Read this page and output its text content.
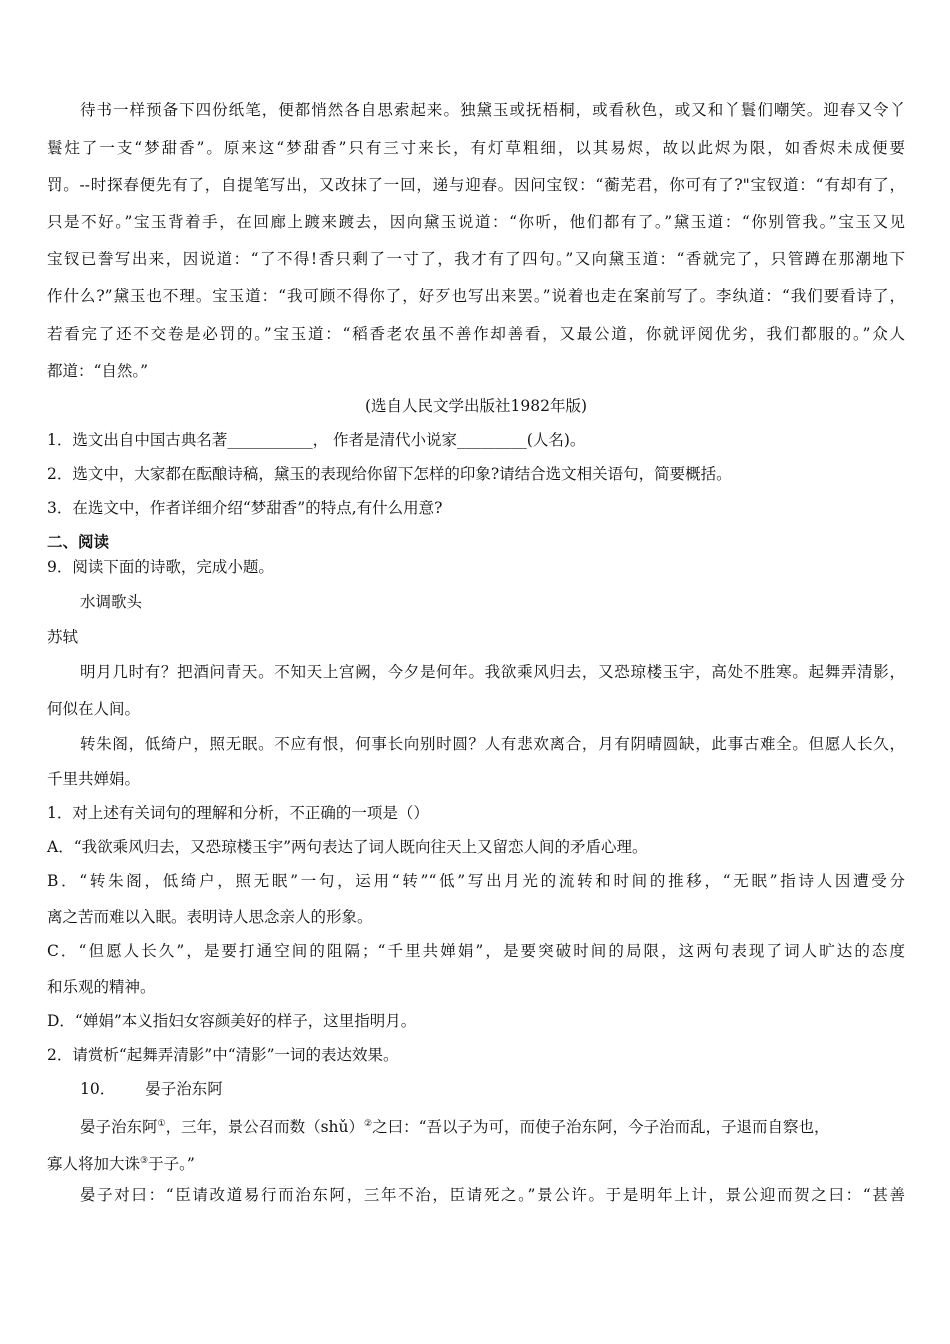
待书一样预备下四份纸笔，便都悄然各自思索起来。独黛玉或抚梧桐，或看秋色，或又和丫鬟们嘲笑。迎春又令丫
鬟炷了一支“梦甜香”。原来这“梦甜香”只有三寸来长，有灯草粗细，以其易烬，故以此烬为限，如香烬未成便要
罚。--时探春便先有了，自提笔写出，又改抹了一回，递与迎春。因问宝钗：“蘅芜君，你可有了?"宝钗道：“有却有了，
只是不好。”宝玉背着手，在回廊上踱来踱去，因向黛玉说道：“你听，他们都有了。”黛玉道：“你别管我。”宝玉又见
宝钗已誊写出来，因说道：“了不得!香只剩了一寸了，我才有了四句。”又向黛玉道：“香就完了，只管蹲在那潮地下
作什么?”黛玉也不理。宝玉道：“我可顾不得你了，好歹也写出来罢。”说着也走在案前写了。李纨道：“我们要看诗了，
若看完了还不交卷是必罚的。”宝玉道：“稻香老农虽不善作却善看，又最公道，你就评阅优劣，我们都服的。”众人
都道：“自然。”
(选自人民文学出版社1982年版)
1．选文出自中国古典名著___________， 作者是清代小说家_________(人名)。
2．选文中，大家都在酝酿诗稿，黛玉的表现给你留下怎样的印象?请结合选文相关语句，简要概括。
3．在选文中，作者详细介绍“梦甜香”的特点,有什么用意?
二、阅读
9．阅读下面的诗歌，完成小题。
水调歌头
苏轼
明月几时有？把酒问青天。不知天上宫阙，今夕是何年。我欲乘风归去，又恐琼楼玉宇，高处不胜寒。起舞弄清影，
何似在人间。
转朱阁，低绮户，照无眠。不应有恨，何事长向别时圆？人有悲欢离合，月有阴晴圆缺，此事古难全。但愿人长久，
千里共婵娟。
1．对上述有关词句的理解和分析，不正确的一项是（）
A．“我欲乘风归去，又恐琼楼玉宇”两句表达了词人既向往天上又留恋人间的矛盾心理。
B．“转朱阁，低绮户，照无眠”一句，运用“转”“低”写出月光的流转和时间的推移，“无眠”指诗人因遭受分
离之苦而难以入眠。表明诗人思念亲人的形象。
C．“但愿人长久”，是要打通空间的阻隔；“千里共婵娟”，是要突破时间的局限，这两句表现了词人旷达的态度
和乐观的精神。
D．“婵娟”本义指妇女容颜美好的样子，这里指明月。
2．请赏析“起舞弄清影”中“清影”一词的表达效果。
10． 晏子治东阿
晏子治东阿①，三年，景公召而数（shǔ）②之曰：“吾以子为可，而使子治东阿，今子治而乱，子退而自察也，
寡人将加大诛③于子。”
晏子对曰：“臣请改道易行而治东阿，三年不治，臣请死之。”景公许。于是明年上计，景公迎而贺之曰：“甚善
